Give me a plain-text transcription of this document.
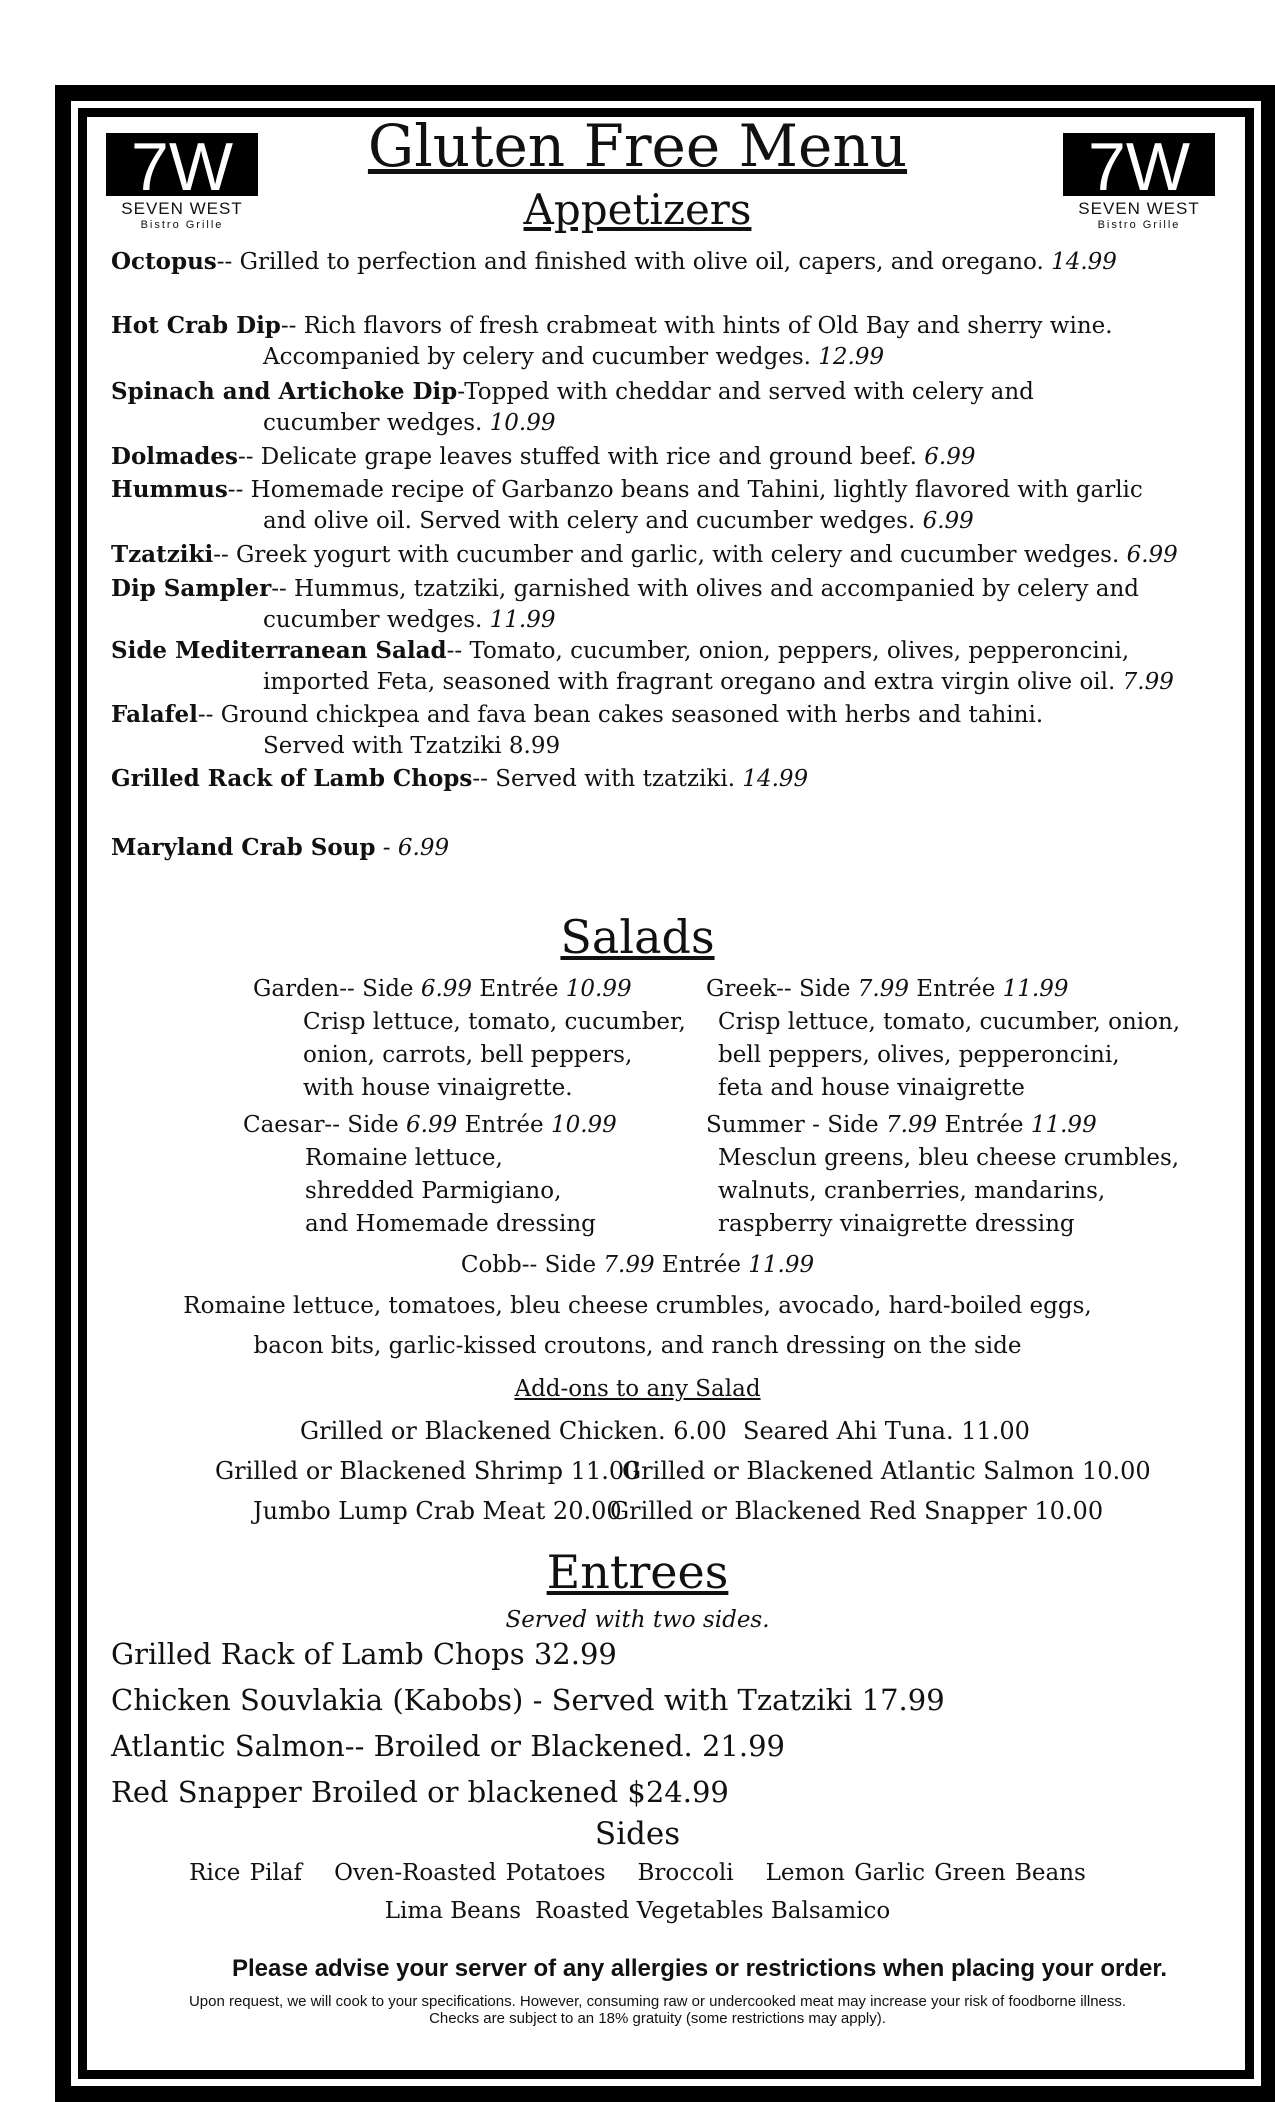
7W
SEVEN WEST
Bistro Grille
7W
SEVEN WEST
Bistro Grille
Gluten Free Menu
Appetizers
Octopus-- Grilled to perfection and finished with olive oil, capers, and oregano. 14.99
Hot Crab Dip-- Rich flavors of fresh crabmeat with hints of Old Bay and sherry wine.
Accompanied by celery and cucumber wedges. 12.99
Spinach and Artichoke Dip-Topped with cheddar and served with celery and
cucumber wedges. 10.99
Dolmades-- Delicate grape leaves stuffed with rice and ground beef. 6.99
Hummus-- Homemade recipe of Garbanzo beans and Tahini, lightly flavored with garlic
and olive oil. Served with celery and cucumber wedges. 6.99
Tzatziki-- Greek yogurt with cucumber and garlic, with celery and cucumber wedges. 6.99
Dip Sampler-- Hummus, tzatziki, garnished with olives and accompanied by celery and
cucumber wedges. 11.99
Side Mediterranean Salad-- Tomato, cucumber, onion, peppers, olives, pepperoncini,
imported Feta, seasoned with fragrant oregano and extra virgin olive oil. 7.99
Falafel-- Ground chickpea and fava bean cakes seasoned with herbs and tahini.
Served with Tzatziki 8.99
Grilled Rack of Lamb Chops-- Served with tzatziki. 14.99
Maryland Crab Soup - 6.99
Salads
Garden-- Side 6.99 Entrée 10.99
Crisp lettuce, tomato, cucumber,
onion, carrots, bell peppers,
with house vinaigrette.
Greek-- Side 7.99 Entrée 11.99
Crisp lettuce, tomato, cucumber, onion,
bell peppers, olives, pepperoncini,
feta and house vinaigrette
Caesar-- Side 6.99 Entrée 10.99
Romaine lettuce,
shredded Parmigiano,
and Homemade dressing
Summer - Side 7.99 Entrée 11.99
Mesclun greens, bleu cheese crumbles,
walnuts, cranberries, mandarins,
raspberry vinaigrette dressing
Cobb-- Side 7.99 Entrée 11.99
Romaine lettuce, tomatoes, bleu cheese crumbles, avocado, hard-boiled eggs,
bacon bits, garlic-kissed croutons, and ranch dressing on the side
Add-ons to any Salad
Grilled or Blackened Chicken. 6.00 Seared Ahi Tuna. 11.00
Grilled or Blackened Shrimp 11.00
Grilled or Blackened Atlantic Salmon 10.00
Jumbo Lump Crab Meat 20.00
Grilled or Blackened Red Snapper 10.00
Entrees
Served with two sides.
Grilled Rack of Lamb Chops 32.99
Chicken Souvlakia (Kabobs) - Served with Tzatziki 17.99
Atlantic Salmon-- Broiled or Blackened. 21.99
Red Snapper Broiled or blackened $24.99
Sides
Rice Pilaf Oven-Roasted Potatoes Broccoli Lemon Garlic Green Beans
Lima Beans Roasted Vegetables Balsamico
Please advise your server of any allergies or restrictions when placing your order.
Upon request, we will cook to your specifications. However, consuming raw or undercooked meat may increase your risk of foodborne illness.
Checks are subject to an 18% gratuity (some restrictions may apply).
